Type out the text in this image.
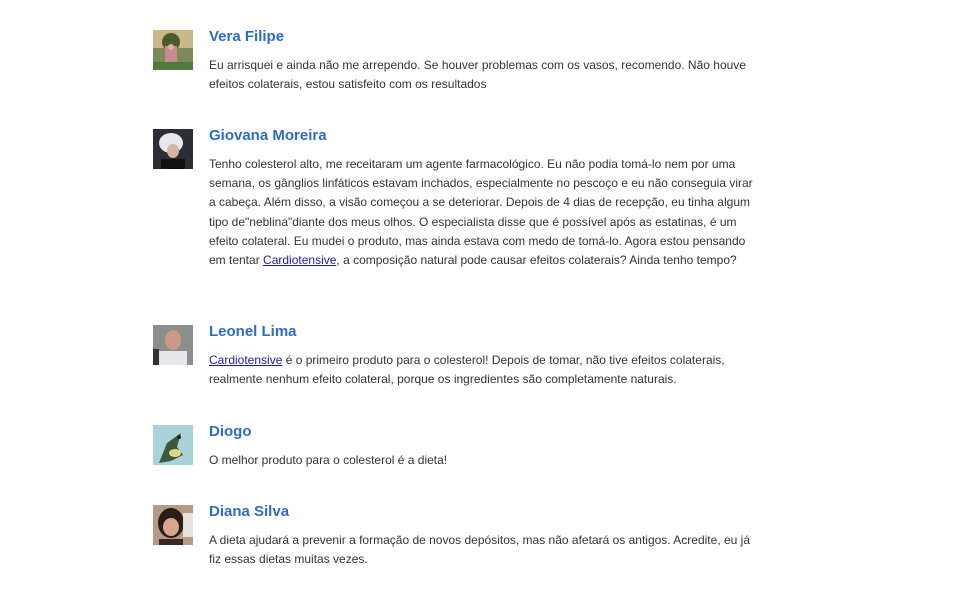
Vera Filipe

Eu arrisquei e ainda não me arrependo. Se houver problemas com os vasos, recomendo. Não houve efeitos colaterais, estou satisfeito com os resultados

Giovana Moreira

Tenho colesterol alto, me receitaram um agente farmacológico. Eu não podia tomá-lo nem por uma semana, os gânglios linfáticos estavam inchados, especialmente no pescoço e eu não conseguia virar a cabeça. Além disso, a visão começou a se deteriorar. Depois de 4 dias de recepção, eu tinha algum tipo de"neblina"diante dos meus olhos. O especialista disse que é possível após as estatinas, é um efeito colateral. Eu mudei o produto, mas ainda estava com medo de tomá-lo. Agora estou pensando em tentar Cardiotensive, a composição natural pode causar efeitos colaterais? Ainda tenho tempo?

Leonel Lima

Cardiotensive é o primeiro produto para o colesterol! Depois de tomar, não tive efeitos colaterais, realmente nenhum efeito colateral, porque os ingredientes são completamente naturais.

Diogo

O melhor produto para o colesterol é a dieta!

Diana Silva

A dieta ajudará a prevenir a formação de novos depósitos, mas não afetará os antigos. Acredite, eu já fiz essas dietas muitas vezes.
